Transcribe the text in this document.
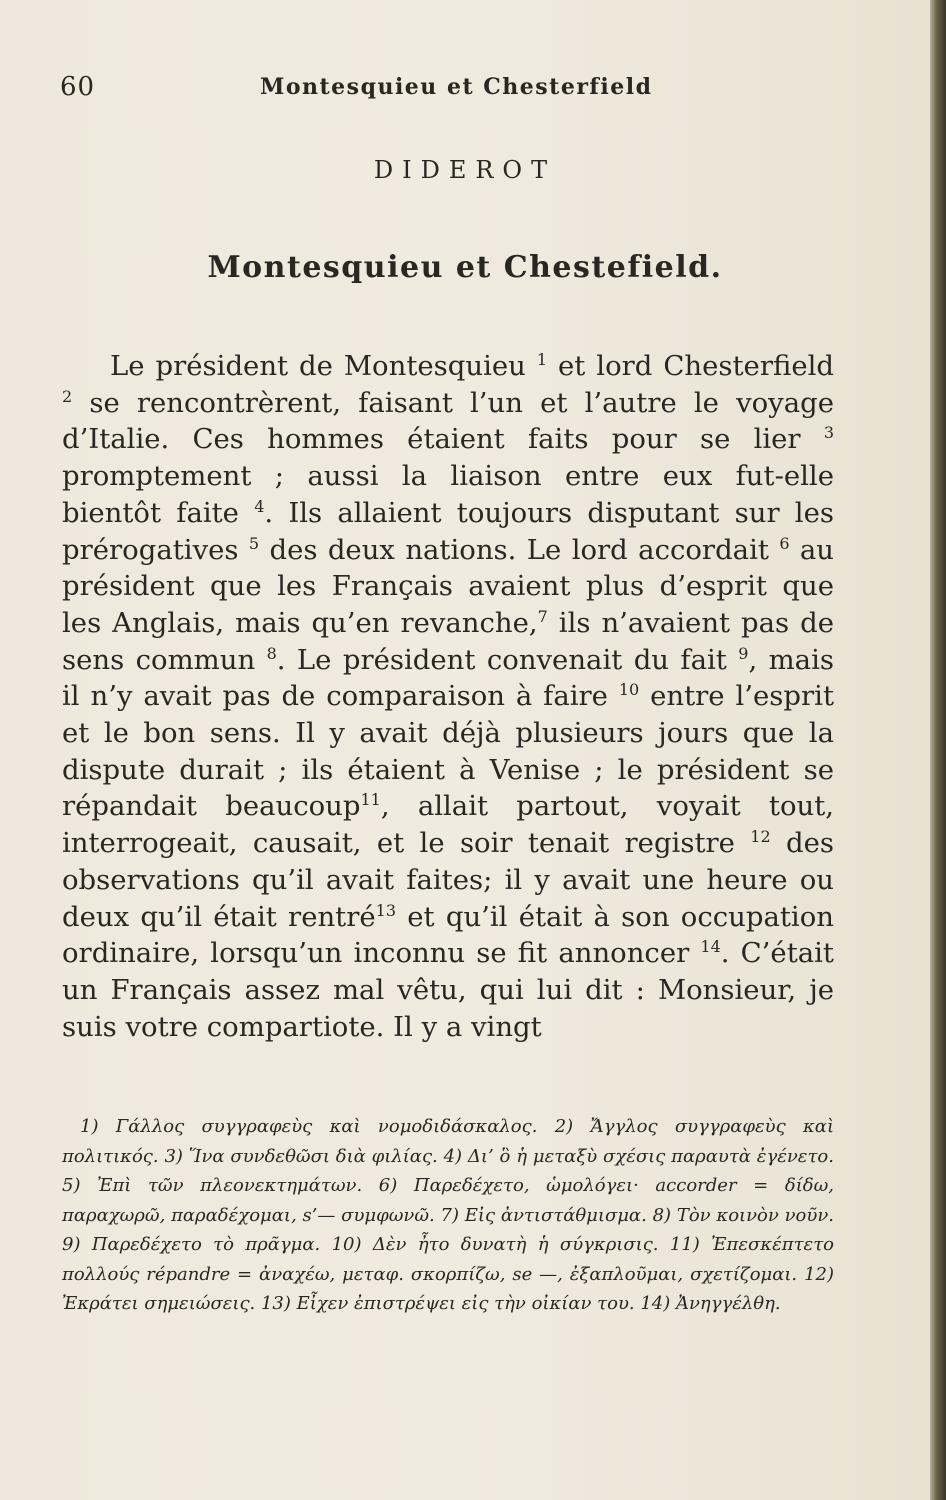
60	Montesquieu et Chesterfield
DIDEROT
Montesquieu et Chestefield.

Le président de Montesquieu $^1$ et lord Chesterfield $^2$ se rencontrèrent, faisant l’un et l’autre le voyage d’Italie. Ces hommes étaient faits pour se lier $^3$ promptement ; aussi la liaison entre eux fut-elle bientôt faite $^4$. Ils allaient toujours disputant sur les prérogatives $^5$ des deux nations. Le lord accordait $^6$ au président que les Français avaient plus d’esprit que les Anglais, mais qu’en revanche,$^7$ ils n’avaient pas de sens commun $^8$. Le président convenait du fait $^9$, mais il n’y avait pas de comparaison à faire $^{10}$ entre l’esprit et le bon sens. Il y avait déjà plusieurs jours que la dispute durait ; ils étaient à Venise ; le président se répandait beaucoup$^{11}$, allait partout, voyait tout, interrogeait, causait, et le soir tenait registre $^{12}$ des observations qu’il avait faites; il y avait une heure ou deux qu’il était rentré$^{13}$ et qu’il était à son occupation ordinaire, lorsqu’un inconnu se fit annoncer $^{14}$. C’était un Français assez mal vêtu, qui lui dit : Monsieur, je suis votre compartiote. Il y a vingt

1) Γάλλος συγγραφεὺς καὶ νομοδιδάσκαλος. 2) Ἄγγλος συγγραφεὺς καὶ πολιτικός. 3) Ἵνα συνδεθῶσι διὰ φιλίας. 4) Δι’ ὃ ἡ μεταξὺ σχέσις παραυτὰ ἐγένετο. 5) Ἐπὶ τῶν πλεονεκτημάτων. 6) Παρεδέχετο, ὡμολόγει· accorder = δίδω, παραχωρῶ, παραδέχομαι, s’— συμφωνῶ. 7) Εἰς ἀντιστάθμισμα. 8) Τὸν κοινὸν νοῦν. 9) Παρεδέχετο τὸ πρᾶγμα. 10) Δὲν ἦτο δυνατὴ ἡ σύγκρισις. 11) Ἐπεσκέπτετο πολλούς répandre = ἀναχέω, μεταφ. σκορπίζω, se —, ἐξαπλοῦμαι, σχετίζομαι. 12) Ἐκράτει σημειώσεις. 13) Εἶχεν ἐπιστρέψει εἰς τὴν οἰκίαν του. 14) Ἀνηγγέλθη.
